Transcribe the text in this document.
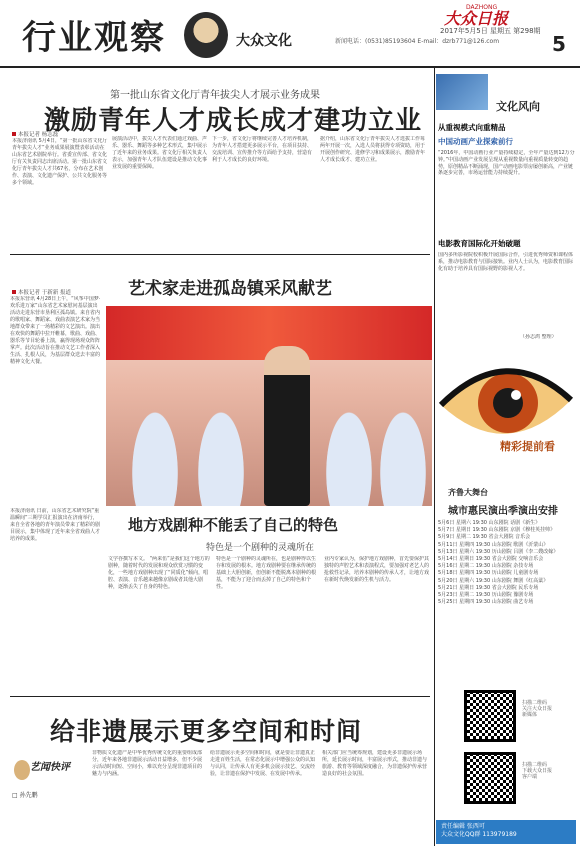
行业观察	大众文化
大众日报
DAZHONG
2017年5月5日 星期五 第298期
新闻电话：(0531)85193604 E-mail：dzrb771@126.com	5
第一批山东省文化厅青年拔尖人才展示业务成果
激励青年人才成长成才建功立业
本报记者 杨志磊
本报济南讯 5月4日，“第一批山东省文化厅青年拔尖人才”业务成果展演暨表彰活动在山东省艺术剧院举行。省委宣传部、省文化厅有关负责同志出席活动。第一批山东省文化厅青年拔尖人才共67名，分布在艺术创作、表演、文化遗产保护、公共文化服务等多个领域。
展演活动中，拔尖人才代表们通过戏曲、声乐、器乐、舞蹈等多种艺术形式，集中展示了近年来的业务成果。省文化厅相关负责人表示，加强青年人才队伍建设是推动文化事业发展的重要保障。
下一步，省文化厅将继续完善人才培养机制，为青年人才搭建更多展示平台，在项目扶持、交流培训、宣传推介等方面给予支持，营造有利于人才成长的良好环境。
据介绍，山东省文化厅青年拔尖人才选拔工作每两年开展一次，入选人员将获得专项资助，用于开展创作研究、进修学习和成果展示，激励青年人才成长成才、建功立业。
文化风向
从重视模式向重精品
中国动画产业探索前行
“2016年，中国动画行业产量持续稳定，全年产量达到12万分钟。”中国动画产业发展呈现从重视数量向重视质量转变的趋势，原创精品不断涌现，国产动画电影票房屡创新高，产业链条逐步完善，市场运营能力持续提升。
电影教育国际化开始破题
国内多所影视院校积极开展国际合作，引进优秀师资和课程体系，推动电影教育与国际接轨。业内人士认为，电影教育国际化有助于培养具有国际视野的影视人才。
（孙志鸿 整理）
精彩提前看
齐鲁大舞台
城市惠民演出季演出安排
5月6日 星期六 19:30 山东剧院 话剧《新生》
5月7日 星期日 19:30 山东剧院 京剧《穆桂英挂帅》
5月9日 星期二 19:30 省会大剧院 音乐会
5月11日 星期四 19:30 山东剧院 歌剧《沂蒙山》
5月13日 星期六 19:30 历山剧院 吕剧《李二嫂改嫁》
5月14日 星期日 19:30 省会大剧院 交响音乐会
5月16日 星期二 19:30 山东剧院 杂技专场
5月18日 星期四 19:30 历山剧院 儿童剧专场
5月20日 星期六 19:30 山东剧院 舞剧《红高粱》
5月21日 星期日 19:30 省会大剧院 民乐专场
5月23日 星期二 19:30 历山剧院 豫剧专场
5月25日 星期四 19:30 山东剧院 曲艺专场
扫描二维码
关注大众日报
新媒体
扫描二维码
下载大众日报
客户端
责任编辑 张西可
大众文化QQ群 113979189
艺术家走进孤岛镇采风献艺
本报记者 于新新 报道
本报东营讯 4月28日上午，“风筝中国梦·欢乐进万家”山东省艺术家慰问基层演出活动走进东营市垦利区孤岛镇。来自省内的歌唱家、舞蹈家、戏曲表演艺术家为当地群众带来了一场精彩的文艺演出。演出在欢快的舞蹈中拉开帷幕，歌曲、戏曲、器乐等节目轮番上演，赢得现场观众阵阵掌声。此次活动旨在推动文艺工作者深入生活、扎根人民，为基层群众送去丰富的精神文化大餐。
本报济南讯 日前，山东省艺术研究院“重温瞬间”三期学员汇报演出在济南举行，来自全省各地的青年演员带来了精彩的剧目展示，集中体现了近年来全省戏曲人才培养的成果。
地方戏剧种不能丢了自己的特色
特色是一个剧种的灵魂所在
文学谷撰写本文。 “两来伍”是我们这个地方的剧种，随着时代的发展和观众欣赏习惯的变化，一些地方戏剧种出现了“同质化”倾向，唱腔、表演、音乐越来越像京剧或者其他大剧种，逐渐丢失了自身的特色。
特色是一个剧种的灵魂所在，也是剧种得以生存和发展的根本。地方戏剧种要在继承传统的基础上大胆创新，但创新不能脱离本剧种的根基，不能为了迎合而丢掉了自己的特色和个性。
业内专家认为，保护地方戏剧种，首先要保护其独特的声腔艺术和表演程式，要加强对老艺人的抢救性记录，培养本剧种的传承人才，让地方戏在新时代焕发新的生机与活力。
给非遗展示更多空间和时间
艺闻快评
□ 孙先鹏
非物质文化遗产是中华优秀传统文化的重要组成部分，近年来各地非遗展示活动日益增多，但不少展示活动时间短、空间小，难以充分呈现非遗项目的魅力与内涵。
给非遗展示更多空间和时间，就是要让非遗真正走进百姓生活，在常态化展示中增强公众的认知与认同，让传承人有更多机会展示技艺、交流经验，让非遗在保护中发展、在发展中传承。
相关部门应当统筹规划，建设更多非遗展示场所，延长展示时间，丰富展示形式，推动非遗与旅游、教育等领域深度融合，为非遗保护传承营造良好的社会氛围。
